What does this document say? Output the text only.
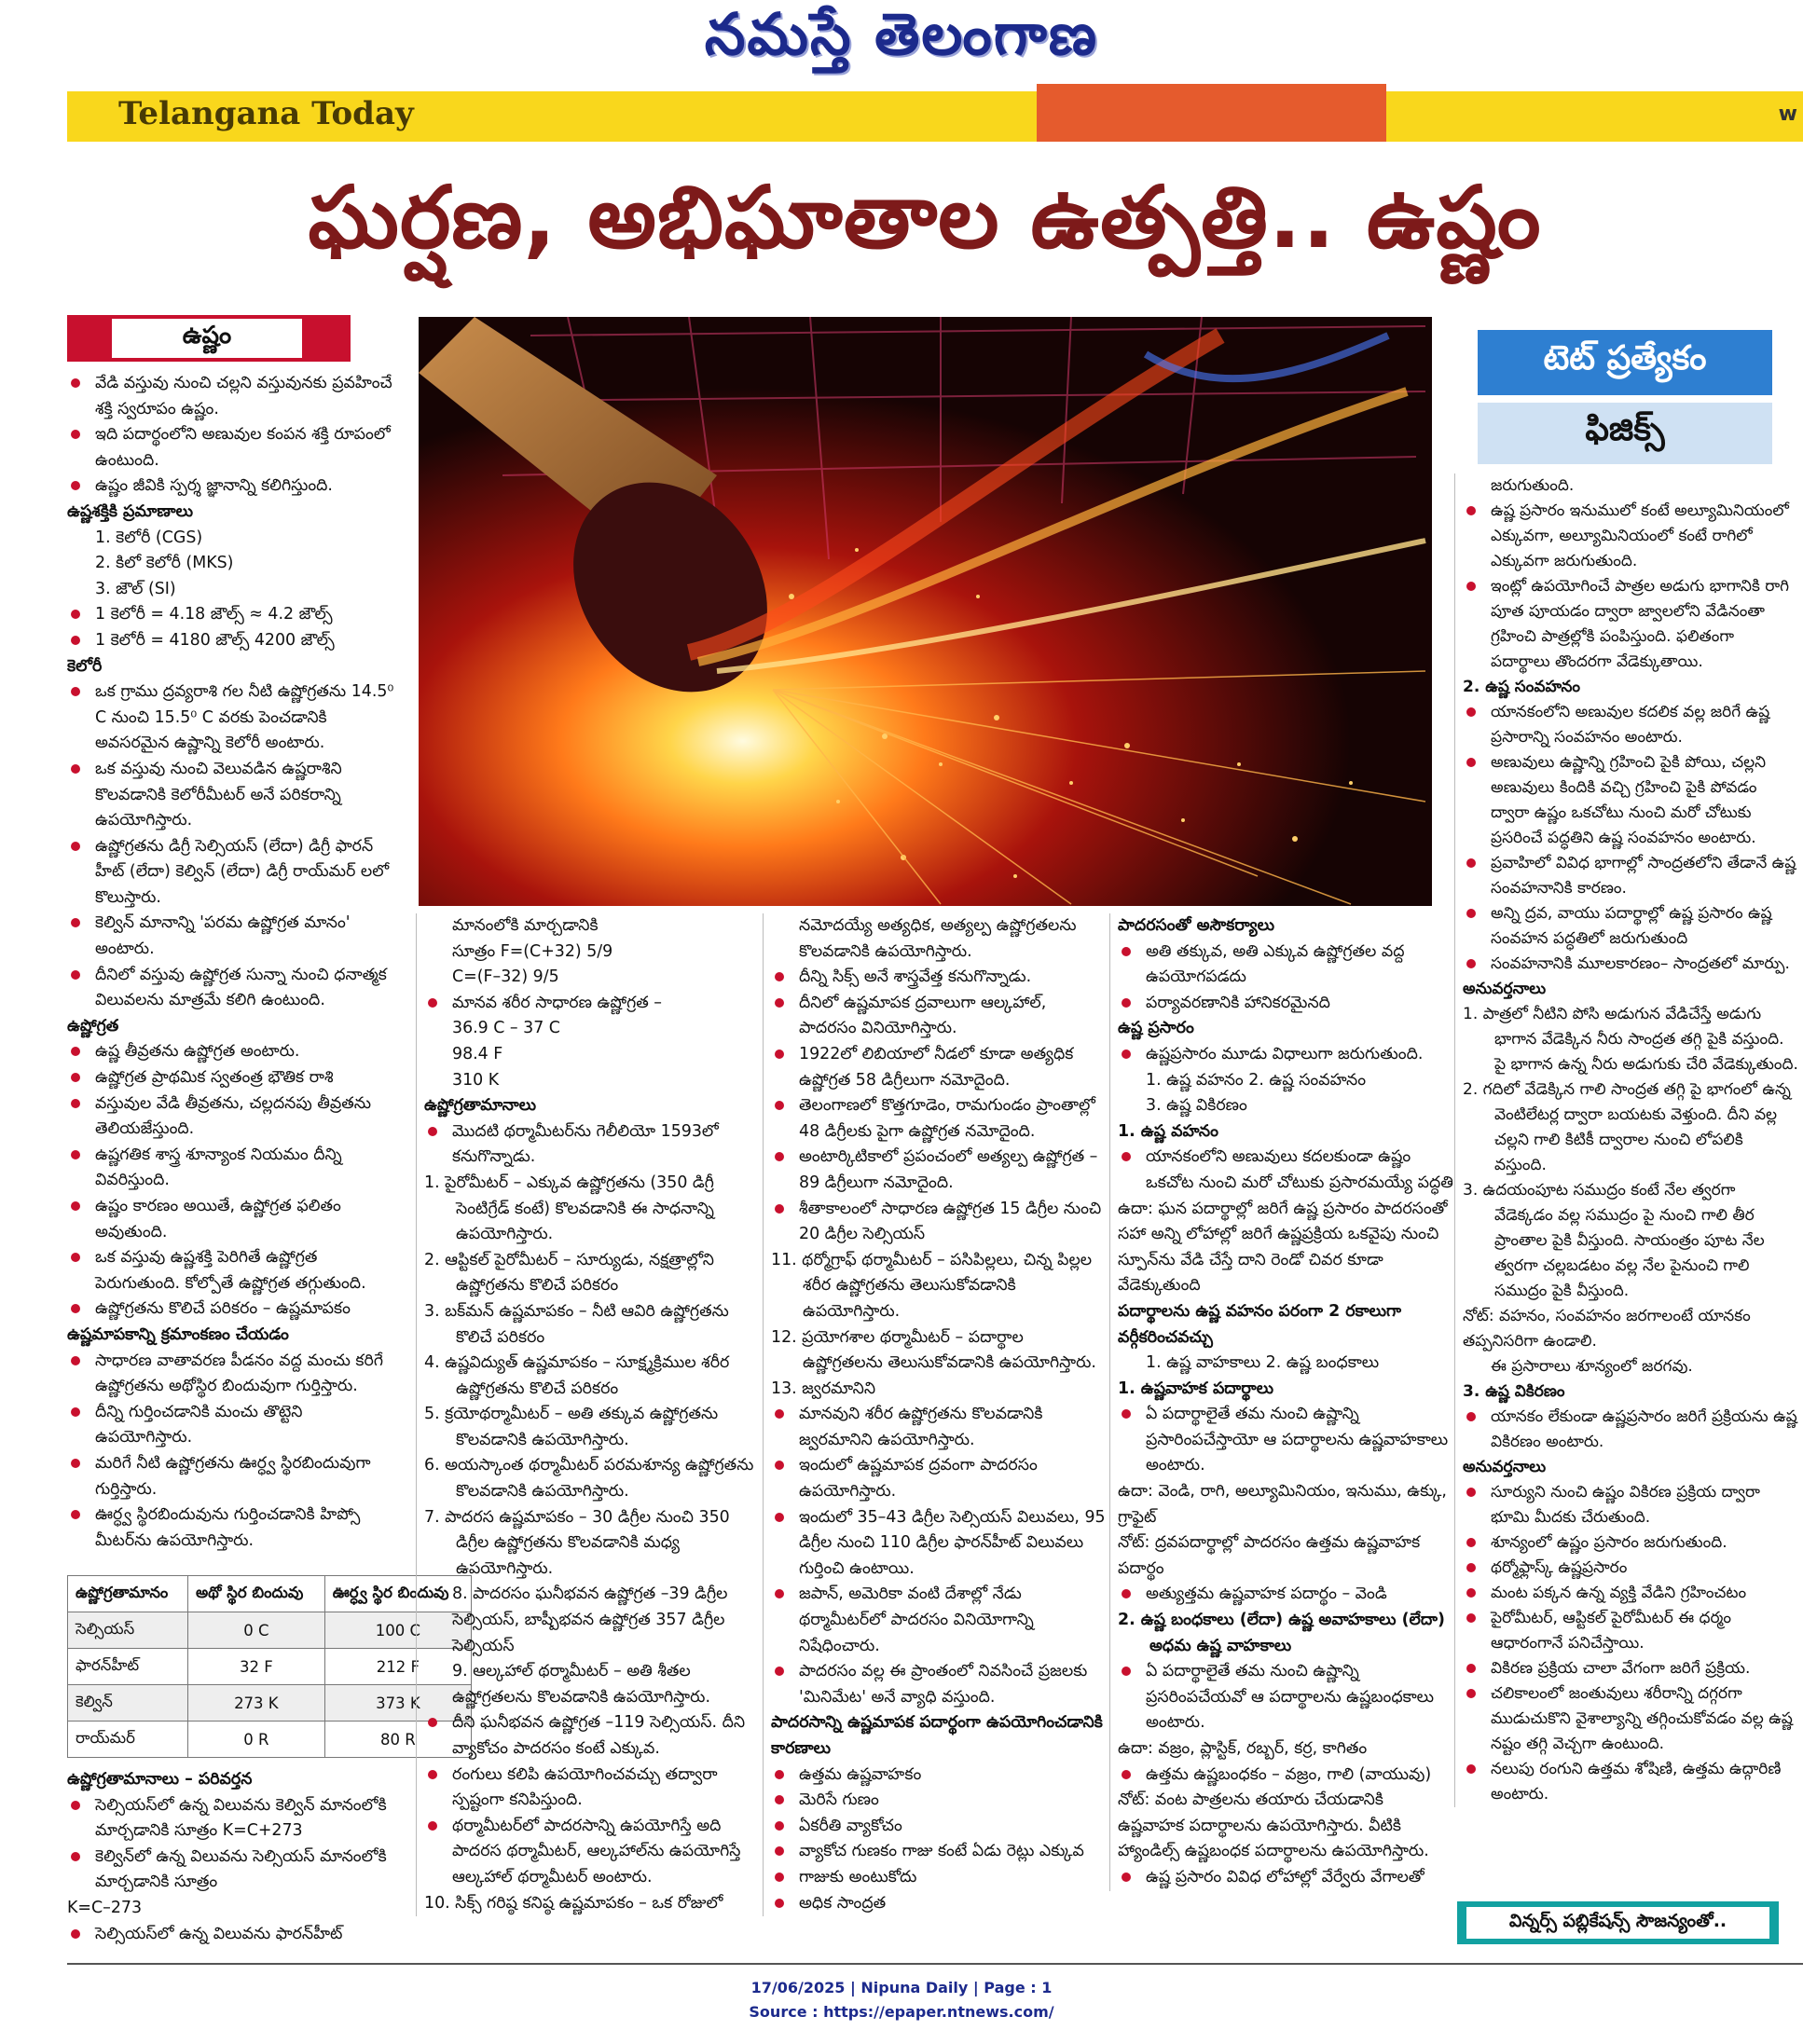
నమస్తే తెలంగాణ
Telangana Today	w
ఘర్షణ, అభిఘాతాల ఉత్పత్తి.. ఉష్ణం
ఉష్ణం
టెట్ ప్రత్యేకం
ఫిజిక్స్

వేడి వస్తువు నుంచి చల్లని వస్తువునకు ప్రవహించే శక్తి స్వరూపం ఉష్ణం.

ఇది పదార్థంలోని అణువుల కంపన శక్తి రూపంలో ఉంటుంది.

ఉష్ణం జీవికి స్పర్శ జ్ఞానాన్ని కలిగిస్తుంది.

ఉష్ణశక్తికి ప్రమాణాలు

1. కెలోరీ (CGS)

2. కిలో కెలోరీ (MKS)

3. జౌల్ (SI)

1 కెలోరీ = 4.18 జౌల్స్ ≈ 4.2 జౌల్స్

1 కెలోరీ = 4180 జౌల్స్ 4200 జౌల్స్

కెలోరీ

ఒక గ్రాము ద్రవ్యరాశి గల నీటి ఉష్ణోగ్రతను 14.5⁰ C నుంచి 15.5⁰ C వరకు పెంచడానికి అవసరమైన ఉష్ణాన్ని కెలోరీ అంటారు.

ఒక వస్తువు నుంచి వెలువడిన ఉష్ణరాశిని కొలవడానికి కెలోరీమీటర్ అనే పరికరాన్ని ఉపయోగిస్తారు.

ఉష్ణోగ్రతను డిగ్రీ సెల్సియస్ (లేదా) డిగ్రీ ఫారన్ హీట్ (లేదా) కెల్విన్ (లేదా) డిగ్రీ రాయ్‌మర్ లలో కొలుస్తారు.

కెల్విన్ మానాన్ని 'పరమ ఉష్ణోగ్రత మానం' అంటారు.

దీనిలో వస్తువు ఉష్ణోగ్రత సున్నా నుంచి ధనాత్మక విలువలను మాత్రమే కలిగి ఉంటుంది.

ఉష్ణోగ్రత

ఉష్ణ తీవ్రతను ఉష్ణోగ్రత అంటారు.

ఉష్ణోగ్రత ప్రాథమిక స్వతంత్ర భౌతిక రాశి

వస్తువుల వేడి తీవ్రతను, చల్లదనపు తీవ్రతను తెలియజేస్తుంది.

ఉష్ణగతిక శాస్త్ర శూన్యాంక నియమం దీన్ని వివరిస్తుంది.

ఉష్ణం కారణం అయితే, ఉష్ణోగ్రత ఫలితం అవుతుంది.

ఒక వస్తువు ఉష్ణశక్తి పెరిగితే ఉష్ణోగ్రత పెరుగుతుంది. కోల్పోతే ఉష్ణోగ్రత తగ్గుతుంది.

ఉష్ణోగ్రతను కొలిచే పరికరం – ఉష్ణమాపకం

ఉష్ణమాపకాన్ని క్రమాంకణం చేయడం

సాధారణ వాతావరణ పీడనం వద్ద మంచు కరిగే ఉష్ణోగ్రతను అథోస్థిర బిందువుగా గుర్తిస్తారు.

దీన్ని గుర్తించడానికి మంచు తొట్టెని ఉపయోగిస్తారు.

మరిగే నీటి ఉష్ణోగ్రతను ఊర్ధ్వ స్థిరబిందువుగా గుర్తిస్తారు.

ఊర్ధ్వ స్థిరబిందువును గుర్తించడానికి హిప్సో మీటర్‌ను ఉపయోగిస్తారు.

ఉష్ణోగ్రతామానం	అథో స్థిర బిందువు	ఊర్ధ్వ స్థిర బిందువు
సెల్సియస్	0 C	100 C
ఫారన్‌హీట్	32 F	212 F
కెల్విన్	273 K	373 K
రాయ్‌మర్	0 R	80 R

ఉష్ణోగ్రతామానాలు – పరివర్తన

సెల్సియస్‌లో ఉన్న విలువను కెల్విన్ మానంలోకి మార్చడానికి సూత్రం K=C+273

కెల్విన్‌లో ఉన్న విలువను సెల్సియస్ మానంలోకి మార్చడానికి సూత్రం

K=C–273

సెల్సియస్‌లో ఉన్న విలువను ఫారన్‌హీట్

మానంలోకి మార్చడానికి

సూత్రం F=(C+32) 5/9

C=(F–32) 9/5

మానవ శరీర సాధారణ ఉష్ణోగ్రత –

36.9 C – 37 C

98.4 F

310 K

ఉష్ణోగ్రతామానాలు

మొదటి థర్మామీటర్‌ను గెలీలియో 1593లో కనుగొన్నాడు.

1. పైరోమీటర్ – ఎక్కువ ఉష్ణోగ్రతను (350 డిగ్రీ సెంటిగ్రేడ్ కంటే) కొలవడానికి ఈ సాధనాన్ని ఉపయోగిస్తారు.

2. ఆప్టికల్ పైరోమీటర్ – సూర్యుడు, నక్షత్రాల్లోని ఉష్ణోగ్రతను కొలిచే పరికరం

3. బక్‌మన్ ఉష్ణమాపకం – నీటి ఆవిరి ఉష్ణోగ్రతను కొలిచే పరికరం

4. ఉష్ణవిద్యుత్ ఉష్ణమాపకం – సూక్ష్మక్రిముల శరీర ఉష్ణోగ్రతను కొలిచే పరికరం

5. క్రయోథర్మామీటర్ – అతి తక్కువ ఉష్ణోగ్రతను కొలవడానికి ఉపయోగిస్తారు.

6. అయస్కాంత థర్మామీటర్ పరమశూన్య ఉష్ణోగ్రతను కొలవడానికి ఉపయోగిస్తారు.

7. పాదరస ఉష్ణమాపకం – 30 డిగ్రీల నుంచి 350 డిగ్రీల ఉష్ణోగ్రతను కొలవడానికి మధ్య ఉపయోగిస్తారు.

8. పాదరసం ఘనీభవన ఉష్ణోగ్రత –39 డిగ్రీల సెల్సియస్, బాష్పీభవన ఉష్ణోగ్రత 357 డిగ్రీల సెల్సియస్

9. ఆల్కహాల్ థర్మామీటర్ – అతి శీతల ఉష్ణోగ్రతలను కొలవడానికి ఉపయోగిస్తారు.

దీని ఘనీభవన ఉష్ణోగ్రత –119 సెల్సియస్. దీని వ్యాకోచం పాదరసం కంటే ఎక్కువ.

రంగులు కలిపి ఉపయోగించవచ్చు తద్వారా స్పష్టంగా కనిపిస్తుంది.

థర్మామీటర్‌లో పాదరసాన్ని ఉపయోగిస్తే అది పాదరస థర్మామీటర్, ఆల్కహాల్‌ను ఉపయోగిస్తే ఆల్కహాల్ థర్మామీటర్ అంటారు.

10. సిక్స్ గరిష్ఠ కనిష్ఠ ఉష్ణమాపకం – ఒక రోజులో

నమోదయ్యే అత్యధిక, అత్యల్ప ఉష్ణోగ్రతలను కొలవడానికి ఉపయోగిస్తారు.

దీన్ని సిక్స్ అనే శాస్త్రవేత్త కనుగొన్నాడు.

దీనిలో ఉష్ణమాపక ద్రవాలుగా ఆల్కహాల్, పాదరసం వినియోగిస్తారు.

1922లో లిబియాలో నీడలో కూడా అత్యధిక ఉష్ణోగ్రత 58 డిగ్రీలుగా నమోదైంది.

తెలంగాణలో కొత్తగూడెం, రామగుండం ప్రాంతాల్లో 48 డిగ్రీలకు పైగా ఉష్ణోగ్రత నమోదైంది.

అంటార్కిటికాలో ప్రపంచంలో అత్యల్ప ఉష్ణోగ్రత –89 డిగ్రీలుగా నమోదైంది.

శీతాకాలంలో సాధారణ ఉష్ణోగ్రత 15 డిగ్రీల నుంచి 20 డిగ్రీల సెల్సియస్

11. థర్మోగ్రాఫ్ థర్మామీటర్ – పసిపిల్లలు, చిన్న పిల్లల శరీర ఉష్ణోగ్రతను తెలుసుకోవడానికి ఉపయోగిస్తారు.

12. ప్రయోగశాల థర్మామీటర్ – పదార్థాల ఉష్ణోగ్రతలను తెలుసుకోవడానికి ఉపయోగిస్తారు.

13. జ్వరమానిని

మానవుని శరీర ఉష్ణోగ్రతను కొలవడానికి జ్వరమానిని ఉపయోగిస్తారు.

ఇందులో ఉష్ణమాపక ద్రవంగా పాదరసం ఉపయోగిస్తారు.

ఇందులో 35–43 డిగ్రీల సెల్సియస్ విలువలు, 95 డిగ్రీల నుంచి 110 డిగ్రీల ఫారన్‌హీట్ విలువలు గుర్తించి ఉంటాయి.

జపాన్, అమెరికా వంటి దేశాల్లో నేడు థర్మామీటర్‌లో పాదరసం వినియోగాన్ని నిషేధించారు.

పాదరసం వల్ల ఈ ప్రాంతంలో నివసించే ప్రజలకు 'మినిమేట' అనే వ్యాధి వస్తుంది.

పాదరసాన్ని ఉష్ణమాపక పదార్థంగా ఉపయోగించడానికి కారణాలు

ఉత్తమ ఉష్ణవాహకం

మెరిసే గుణం

ఏకరీతి వ్యాకోచం

వ్యాకోచ గుణకం గాజు కంటే ఏడు రెట్లు ఎక్కువ

గాజుకు అంటుకోదు

అధిక సాంద్రత

పాదరసంతో అసౌకర్యాలు

అతి తక్కువ, అతి ఎక్కువ ఉష్ణోగ్రతల వద్ద ఉపయోగపడదు

పర్యావరణానికి హానికరమైనది

ఉష్ణ ప్రసారం

ఉష్ణప్రసారం మూడు విధాలుగా జరుగుతుంది.

1. ఉష్ణ వహనం 2. ఉష్ణ సంవహనం

3. ఉష్ణ వికిరణం

1. ఉష్ణ వహనం

యానకంలోని అణువులు కదలకుండా ఉష్ణం ఒకచోట నుంచి మరో చోటుకు ప్రసారమయ్యే పద్ధతి

ఉదా: ఘన పదార్థాల్లో జరిగే ఉష్ణ ప్రసారం పాదరసంతో సహా అన్ని లోహాల్లో జరిగే ఉష్ణప్రక్రియ ఒకవైపు నుంచి స్పూన్‌ను వేడి చేస్తే దాని రెండో చివర కూడా వేడెక్కుతుంది

పదార్థాలను ఉష్ణ వహనం పరంగా 2 రకాలుగా వర్గీకరించవచ్చు

1. ఉష్ణ వాహకాలు 2. ఉష్ణ బంధకాలు

1. ఉష్ణవాహక పదార్థాలు

ఏ పదార్థాలైతే తమ నుంచి ఉష్ణాన్ని ప్రసారింపచేస్తాయో ఆ పదార్థాలను ఉష్ణవాహకాలు అంటారు.

ఉదా: వెండి, రాగి, అల్యూమినియం, ఇనుము, ఉక్కు, గ్రాఫైట్

నోట్: ద్రవపదార్థాల్లో పాదరసం ఉత్తమ ఉష్ణవాహక పదార్థం

అత్యుత్తమ ఉష్ణవాహక పదార్థం – వెండి

2. ఉష్ణ బంధకాలు (లేదా) ఉష్ణ అవాహకాలు (లేదా) అధమ ఉష్ణ వాహకాలు

ఏ పదార్థాలైతే తమ నుంచి ఉష్ణాన్ని ప్రసరింపచేయవో ఆ పదార్థాలను ఉష్ణబంధకాలు అంటారు.

ఉదా: వజ్రం, ప్లాస్టిక్, రబ్బర్, కర్ర, కాగితం

ఉత్తమ ఉష్ణబంధకం – వజ్రం, గాలి (వాయువు)

నోట్: వంట పాత్రలను తయారు చేయడానికి ఉష్ణవాహక పదార్థాలను ఉపయోగిస్తారు. వీటికి హ్యాండిల్స్ ఉష్ణబంధక పదార్థాలను ఉపయోగిస్తారు.

ఉష్ణ ప్రసారం వివిధ లోహాల్లో వేర్వేరు వేగాలతో

జరుగుతుంది.

ఉష్ణ ప్రసారం ఇనుములో కంటే అల్యూమినియంలో ఎక్కువగా, అల్యూమినియంలో కంటే రాగిలో ఎక్కువగా జరుగుతుంది.

ఇంట్లో ఉపయోగించే పాత్రల అడుగు భాగానికి రాగి పూత పూయడం ద్వారా జ్వాలలోని వేడినంతా గ్రహించి పాత్రల్లోకి పంపిస్తుంది. ఫలితంగా పదార్థాలు తొందరగా వేడెక్కుతాయి.

2. ఉష్ణ సంవహనం

యానకంలోని అణువుల కదలిక వల్ల జరిగే ఉష్ణ ప్రసారాన్ని సంవహనం అంటారు.

అణువులు ఉష్ణాన్ని గ్రహించి పైకి పోయి, చల్లని అణువులు కిందికి వచ్చి గ్రహించి పైకి పోవడం ద్వారా ఉష్ణం ఒకచోటు నుంచి మరో చోటుకు ప్రసరించే పద్ధతిని ఉష్ణ సంవహనం అంటారు.

ప్రవాహిలో వివిధ భాగాల్లో సాంద్రతలోని తేడానే ఉష్ణ సంవహనానికి కారణం.

అన్ని ద్రవ, వాయు పదార్థాల్లో ఉష్ణ ప్రసారం ఉష్ణ సంవహన పద్ధతిలో జరుగుతుంది

సంవహనానికి మూలకారణం– సాంద్రతలో మార్పు.

అనువర్తనాలు

1. పాత్రలో నీటిని పోసి అడుగున వేడిచేస్తే అడుగు భాగాన వేడెక్కిన నీరు సాంద్రత తగ్గి పైకి వస్తుంది. పై భాగాన ఉన్న నీరు అడుగుకు చేరి వేడెక్కుతుంది.

2. గదిలో వేడెక్కిన గాలి సాంద్రత తగ్గి పై భాగంలో ఉన్న వెంటిలేటర్ల ద్వారా బయటకు వెళ్తుంది. దీని వల్ల చల్లని గాలి కిటికీ ద్వారాల నుంచి లోపలికి వస్తుంది.

3. ఉదయంపూట సముద్రం కంటే నేల త్వరగా వేడెక్కడం వల్ల సముద్రం పై నుంచి గాలి తీర ప్రాంతాల పైకి వీస్తుంది. సాయంత్రం పూట నేల త్వరగా చల్లబడటం వల్ల నేల పైనుంచి గాలి సముద్రం పైకి వీస్తుంది.

నోట్: వహనం, సంవహనం జరగాలంటే యానకం తప్పనిసరిగా ఉండాలి.

ఈ ప్రసారాలు శూన్యంలో జరగవు.

3. ఉష్ణ వికిరణం

యానకం లేకుండా ఉష్ణప్రసారం జరిగే ప్రక్రియను ఉష్ణ వికిరణం అంటారు.

అనువర్తనాలు

సూర్యుని నుంచి ఉష్ణం వికిరణ ప్రక్రియ ద్వారా భూమి మీదకు చేరుతుంది.

శూన్యంలో ఉష్ణం ప్రసారం జరుగుతుంది.

థర్మోఫ్లాస్క్ ఉష్ణప్రసారం

మంట పక్కన ఉన్న వ్యక్తి వేడిని గ్రహించటం

పైరోమీటర్, ఆప్టికల్ పైరోమీటర్ ఈ ధర్మం ఆధారంగానే పనిచేస్తాయి.

వికిరణ ప్రక్రియ చాలా వేగంగా జరిగే ప్రక్రియ.

చలికాలంలో జంతువులు శరీరాన్ని దగ్గరగా ముడుచుకొని వైశాల్యాన్ని తగ్గించుకోవడం వల్ల ఉష్ణ నష్టం తగ్గి వెచ్చగా ఉంటుంది.

నలుపు రంగుని ఉత్తమ శోషిణి, ఉత్తమ ఉద్గారిణి అంటారు.

విన్నర్స్ పబ్లికేషన్స్ సౌజన్యంతో..
17/06/2025 | Nipuna Daily | Page : 1
Source : https://epaper.ntnews.com/
